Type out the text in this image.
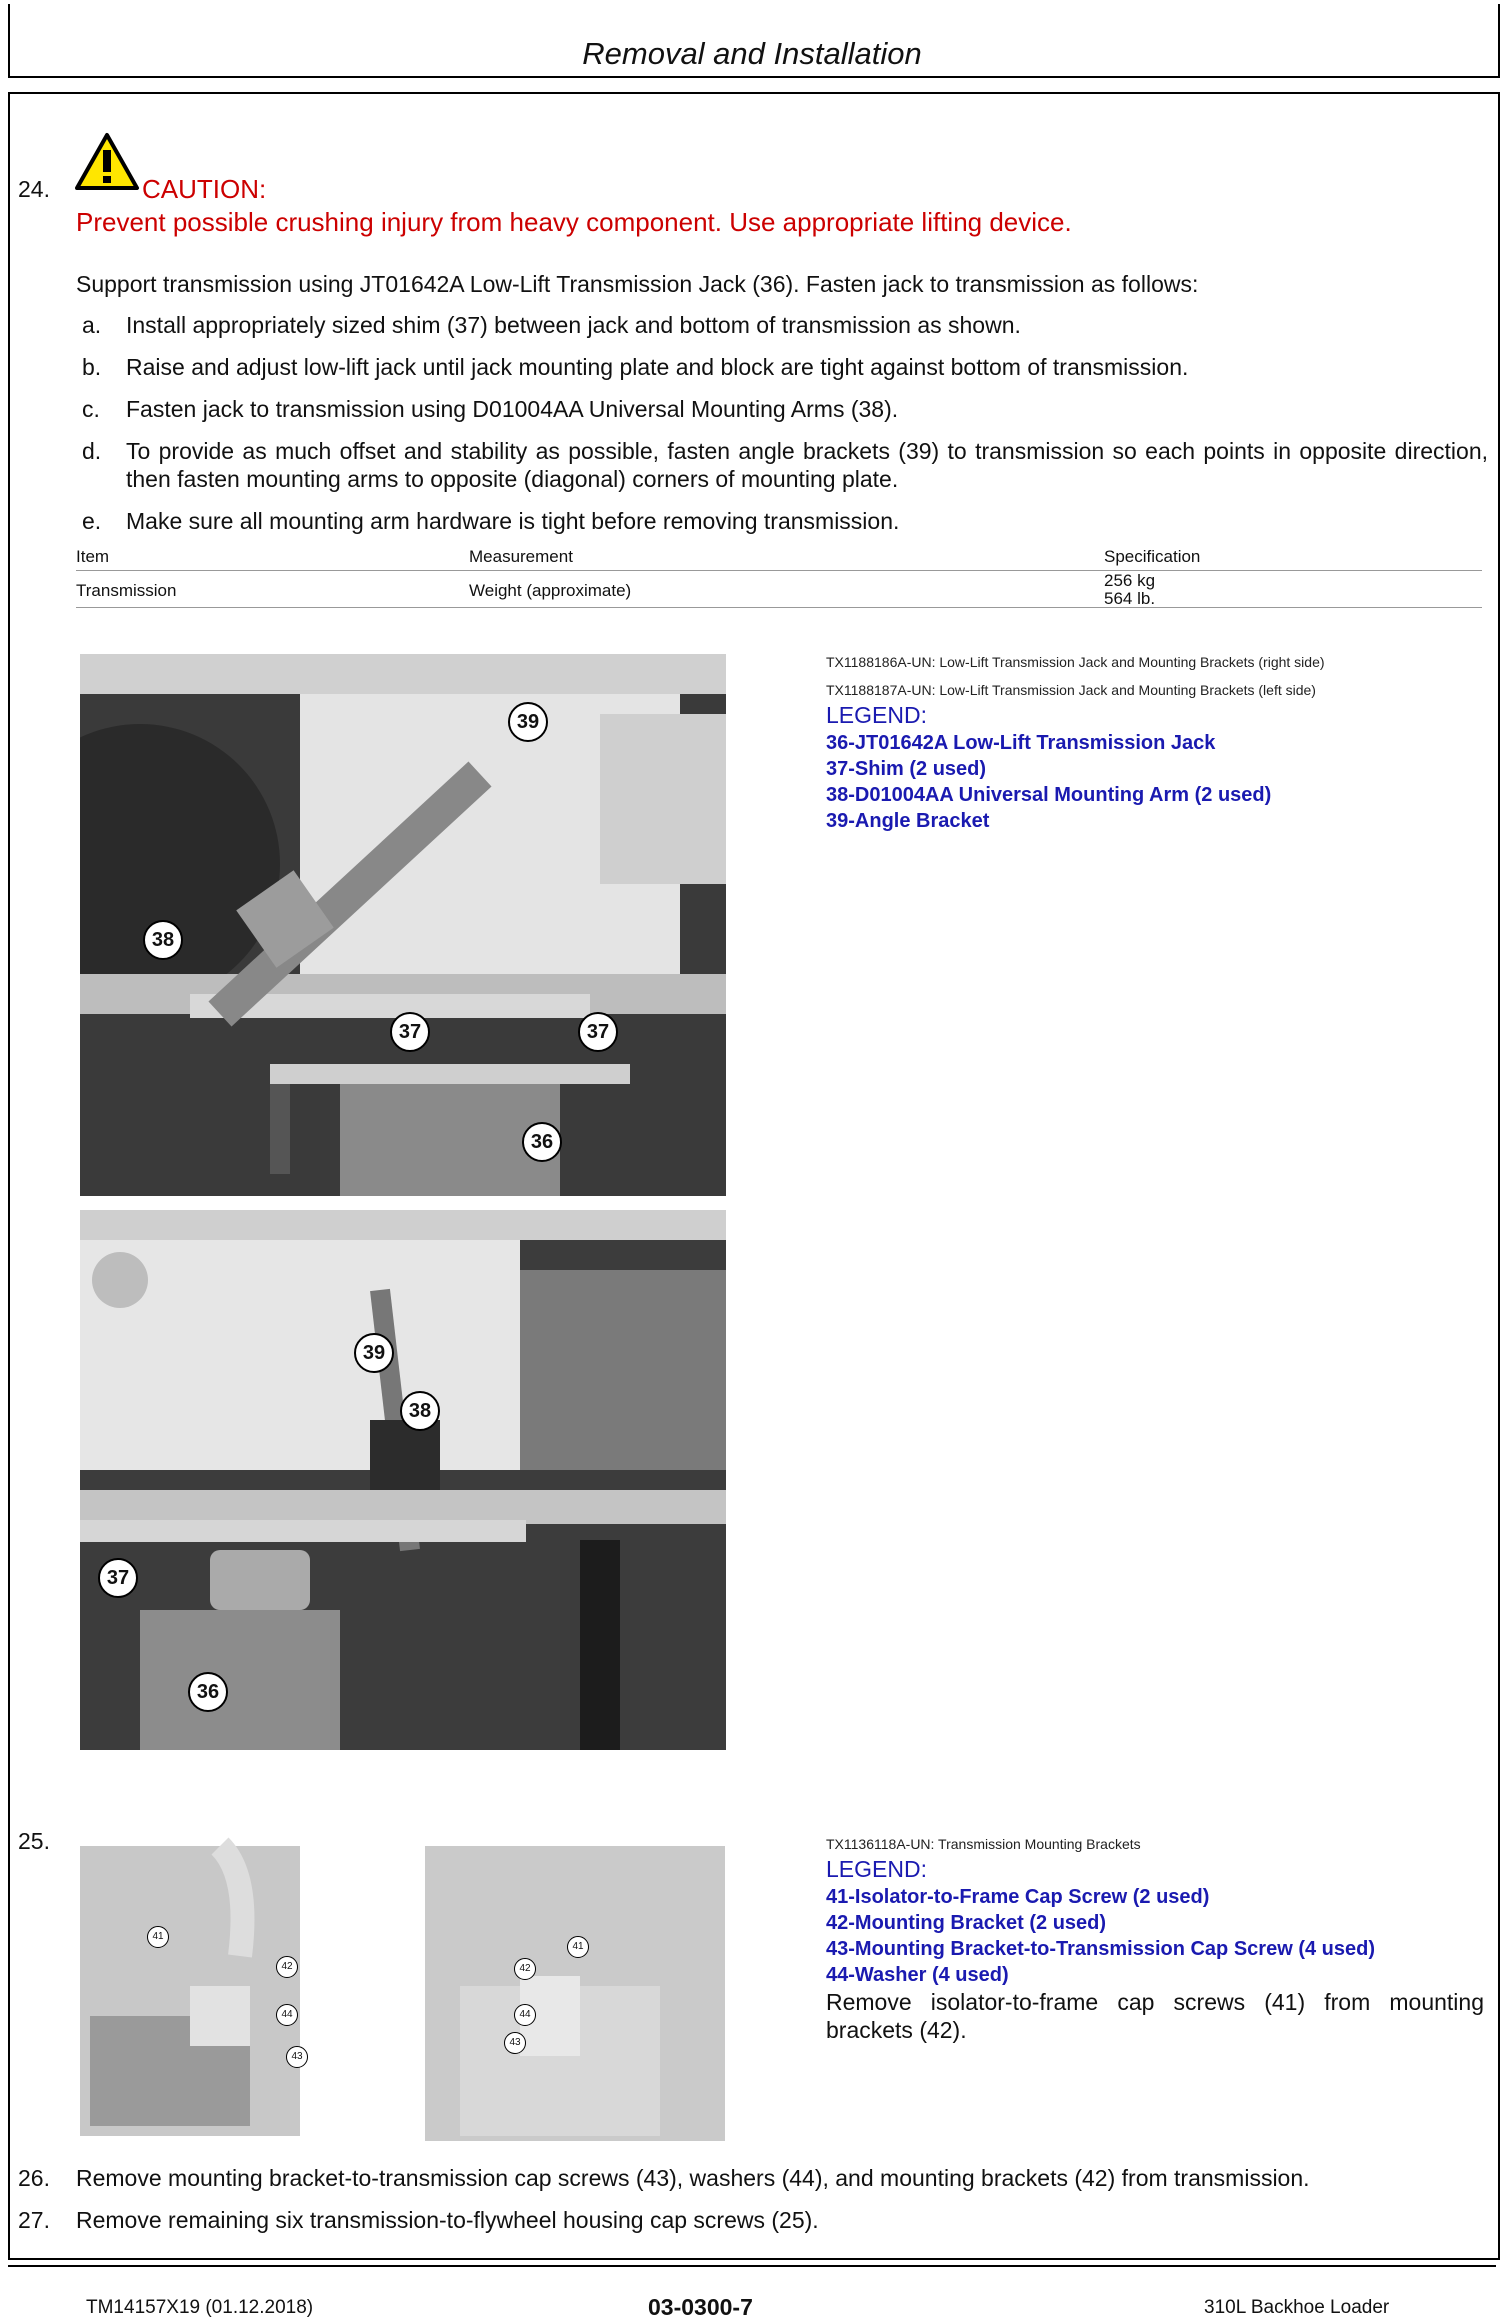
Removal and Installation
24.	CAUTION:
Prevent possible crushing injury from heavy component. Use appropriate lifting device.
Support transmission using JT01642A Low-Lift Transmission Jack (36). Fasten jack to transmission as follows:
a.	Install appropriately sized shim (37) between jack and bottom of transmission as shown.
b.	Raise and adjust low-lift jack until jack mounting plate and block are tight against bottom of transmission.
c.	Fasten jack to transmission using D01004AA Universal Mounting Arms (38).
d.	To provide as much offset and stability as possible, fasten angle brackets (39) to transmission so each points in opposite direction, then fasten mounting arms to opposite (diagonal) corners of mounting plate.
e.	Make sure all mounting arm hardware is tight before removing transmission.
Item	Measurement	Specification
Transmission	Weight (approximate)
256 kg
564 lb.
39
38
37	37
36
39
38
37
36
TX1188186A-UN: Low-Lift Transmission Jack and Mounting Brackets (right side)
TX1188187A-UN: Low-Lift Transmission Jack and Mounting Brackets (left side)
LEGEND:
36-JT01642A Low-Lift Transmission Jack
37-Shim (2 used)
38-D01004AA Universal Mounting Arm (2 used)
39-Angle Bracket
25.
41
42
44
43
41
42
44
43
TX1136118A-UN: Transmission Mounting Brackets
LEGEND:
41-Isolator-to-Frame Cap Screw (2 used)
42-Mounting Bracket (2 used)
43-Mounting Bracket-to-Transmission Cap Screw (4 used)
44-Washer (4 used)
Remove isolator-to-frame cap screws (41) from mounting brackets (42).
26. Remove mounting bracket-to-transmission cap screws (43), washers (44), and mounting brackets (42) from transmission.
27. Remove remaining six transmission-to-flywheel housing cap screws (25).
TM14157X19 (01.12.2018)	03-0300-7	310L Backhoe Loader
